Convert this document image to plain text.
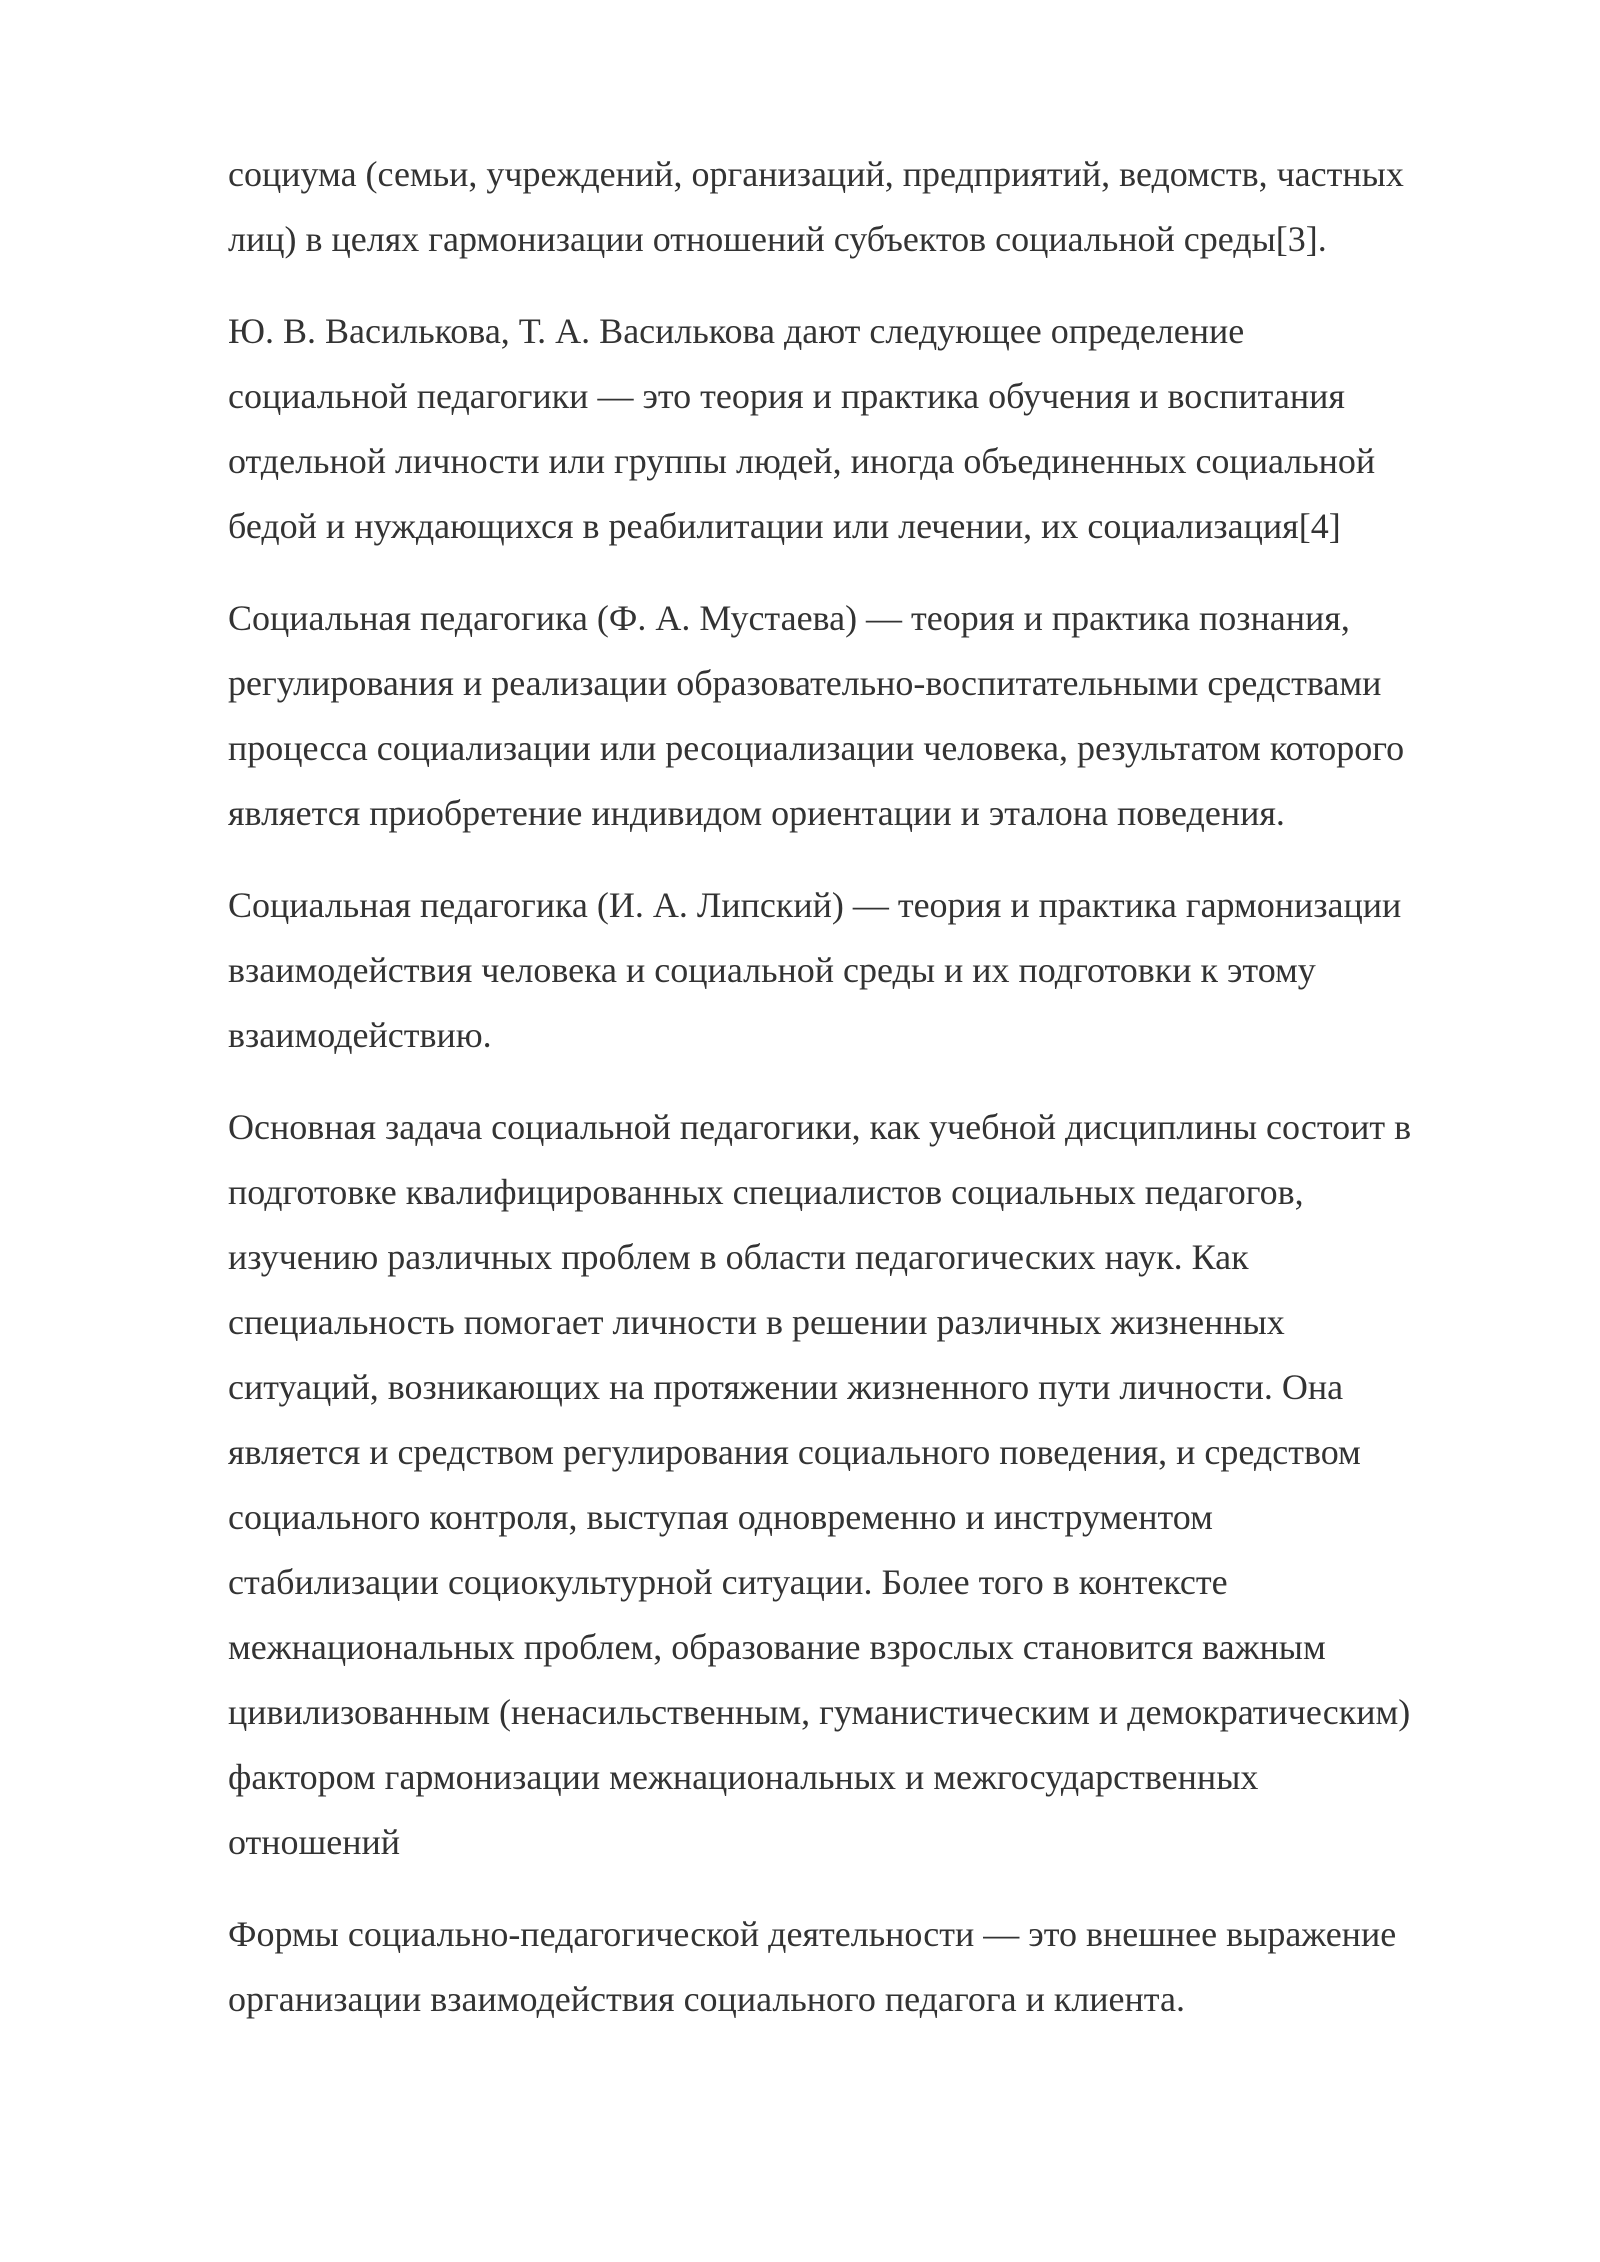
социума (семьи, учреждений, организаций, предприятий, ведомств, частных
лиц) в целях гармонизации отношений субъектов социальной среды[3].

Ю. В. Василькова, Т. А. Василькова дают следующее определение
социальной педагогики — это теория и практика обучения и воспитания
отдельной личности или группы людей, иногда объединенных социальной
бедой и нуждающихся в реабилитации или лечении, их социализация[4]

Социальная педагогика (Ф. А. Мустаева) — теория и практика познания,
регулирования и реализации образовательно-воспитательными средствами
процесса социализации или ресоциализации человека, результатом которого
является приобретение индивидом ориентации и эталона поведения.

Социальная педагогика (И. А. Липский) — теория и практика гармонизации
взаимодействия человека и социальной среды и их подготовки к этому
взаимодействию.

Основная задача социальной педагогики, как учебной дисциплины состоит в
подготовке квалифицированных специалистов социальных педагогов,
изучению различных проблем в области педагогических наук. Как
специальность помогает личности в решении различных жизненных
ситуаций, возникающих на протяжении жизненного пути личности. Она
является и средством регулирования социального поведения, и средством
социального контроля, выступая одновременно и инструментом
стабилизации социокультурной ситуации. Более того в контексте
межнациональных проблем, образование взрослых становится важным
цивилизованным (ненасильственным, гуманистическим и демократическим)
фактором гармонизации межнациональных и межгосударственных
отношений

Формы социально-педагогической деятельности — это внешнее выражение
организации взаимодействия социального педагога и клиента.
